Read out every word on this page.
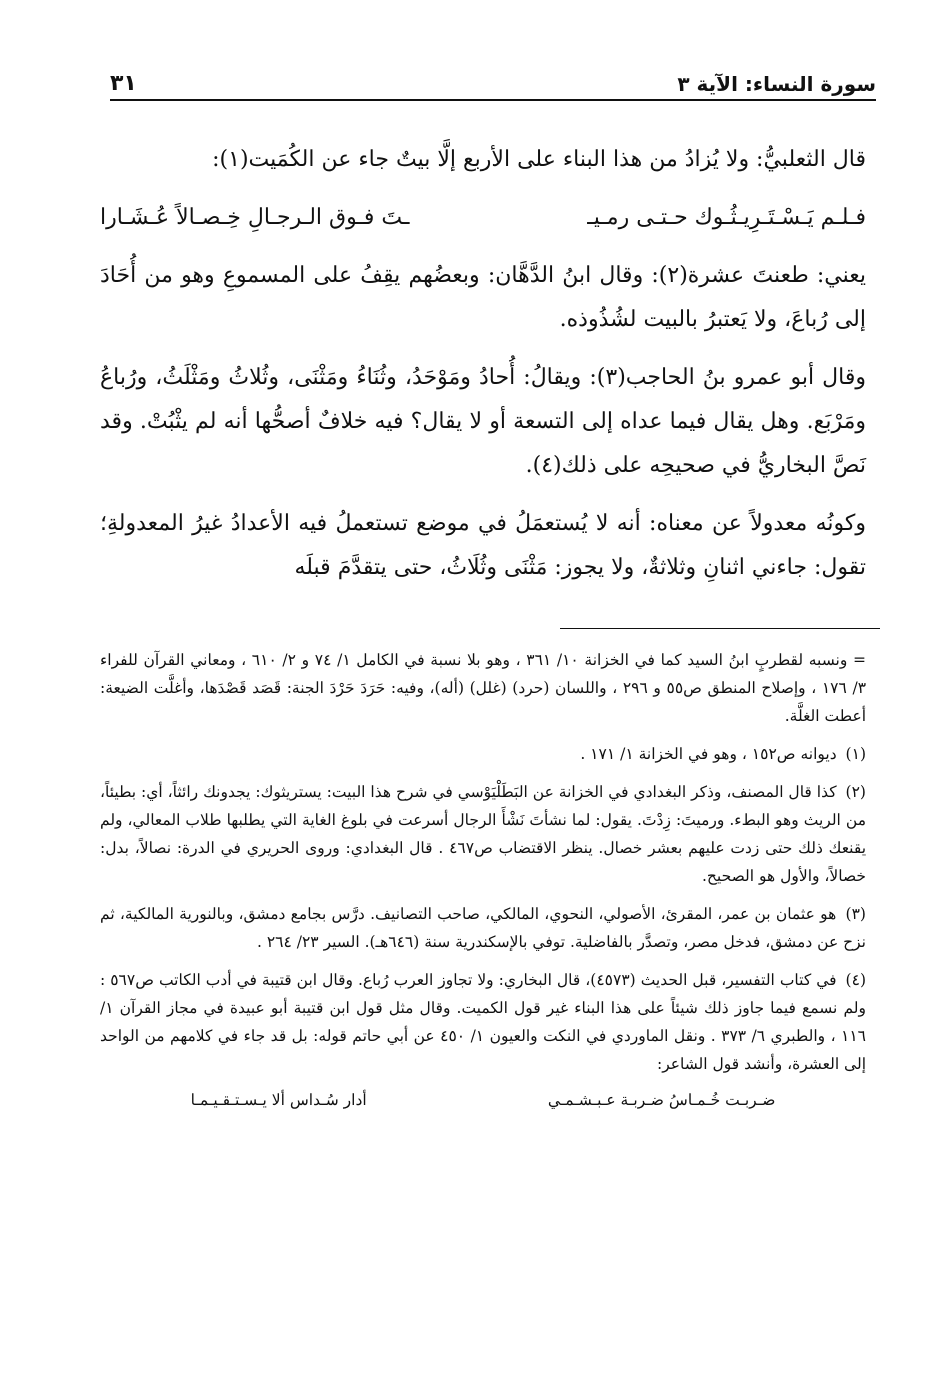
سورة النساء: الآية ٣
٣١

قال الثعلبيُّ: ولا يُزادُ من هذا البناء على الأربع إلَّا بيتٌ جاء عن الكُمَيت(١):

فـلـم يَـسْـتَـرِيـثُـوك حـتـى رمـيـ
ـتَ فـوق الـرجـالِ خِـصـالاً عُـشَـارا

يعني: طعنتَ عشرة(٢): وقال ابنُ الدَّهَّان: وبعضُهم يقِفُ على المسموعِ وهو من أُحَادَ إلى رُباعَ، ولا يَعتبرُ بالبيت لشُذُوذه.

وقال أبو عمرو بنُ الحاجب(٣): ويقالُ: أُحادُ ومَوْحَدُ، وثُنَاءُ ومَثْنَى، وثُلاثُ ومَثْلَثُ، ورُباعُ ومَرْبَع. وهل يقال فيما عداه إلى التسعة أو لا يقال؟ فيه خلافٌ أصحُّها أنه لم يثْبُتْ. وقد نَصَّ البخاريُّ في صحيحِه على ذلك(٤).

وكونُه معدولاً عن معناه: أنه لا يُستعمَلُ في موضع تستعملُ فيه الأعدادُ غيرُ المعدولةِ؛ تقول: جاءني اثنانِ وثلاثةٌ، ولا يجوز: مَثْنَى وثُلَاثُ، حتى يتقدَّمَ قبلَه

= ونسبه لقطربٍ ابنُ السيد كما في الخزانة ١٠/ ٣٦١ ، وهو بلا نسبة في الكامل ١/ ٧٤ و ٢/ ٦١٠ ، ومعاني القرآن للفراء ٣/ ١٧٦ ، وإصلاح المنطق ص٥٥ و ٢٩٦ ، واللسان (حرد) (غلل) (أله)، وفيه: حَرَدَ حَرْدَ الجنة: قَصَد قَصْدَها، وأغلَّت الضيعة: أعطت الغلَّة.
(١) ديوانه ص١٥٢ ، وهو في الخزانة ١/ ١٧١ .
(٢) كذا قال المصنف، وذكر البغدادي في الخزانة عن البَطَلْيَوْسي في شرح هذا البيت: يستريثوك: يجدونك رائثاً، أي: بطيئاً، من الريث وهو البطء. ورميتَ: زِدْتَ. يقول: لما نشأتَ نَشْأَ الرجال أسرعت في بلوغ الغاية التي يطلبها طلاب المعالي، ولم يقنعك ذلك حتى زدت عليهم بعشر خصال. ينظر الاقتضاب ص٤٦٧ . قال البغدادي: وروى الحريري في الدرة: نصالاً، بدل: خصالاً، والأول هو الصحيح.
(٣) هو عثمان بن عمر، المقرئ، الأصولي، النحوي، المالكي، صاحب التصانيف. درَّس بجامع دمشق، وبالنورية المالكية، ثم نزح عن دمشق، فدخل مصر، وتصدَّر بالفاضلية. توفي بالإسكندرية سنة (٦٤٦هـ). السير ٢٣/ ٢٦٤ .
(٤) في كتاب التفسير، قبل الحديث (٤٥٧٣)، قال البخاري: ولا تجاوز العرب رُباع. وقال ابن قتيبة في أدب الكاتب ص٥٦٧ : ولم نسمع فيما جاوز ذلك شيئاً على هذا البناء غير قول الكميت. وقال مثل قول ابن قتيبة أبو عبيدة في مجاز القرآن ١/ ١١٦ ، والطبري ٦/ ٣٧٣ . ونقل الماوردي في النكت والعيون ١/ ٤٥٠ عن أبي حاتم قوله: بل قد جاء في كلامهم من الواحد إلى العشرة، وأنشد قول الشاعر:
ضـربـت خُـمـاسُ ضـربـة عـبـشـمـي
أدار سُـداس ألا يـسـتـقـيـمـا
